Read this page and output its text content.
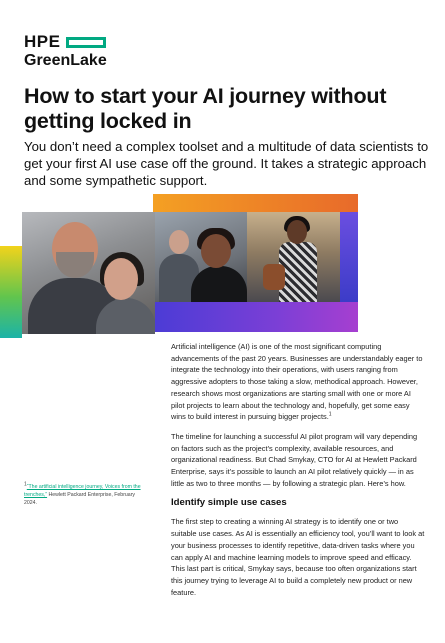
HPE
GreenLake
How to start your AI journey without getting locked in

You don’t need a complex toolset and a multitude of data scientists to get your first AI use case off the ground. It takes a strategic approach and some sympathetic support.

Artificial intelligence (AI) is one of the most significant computing advancements of the past 20 years. Businesses are understandably eager to integrate the technology into their operations, with users ranging from aggressive adopters to those taking a slow, methodical approach. However, research shows most organizations are starting small with one or more AI pilot projects to learn about the technology and, hopefully, get some easy wins to build interest in pursuing bigger projects.$^1$

The timeline for launching a successful AI pilot program will vary depending on factors such as the project’s complexity, available resources, and organizational readiness. But Chad Smykay, CTO for AI at Hewlett Packard Enterprise, says it’s possible to launch an AI pilot relatively quickly — in as little as two to three months — by following a strategic plan. Here’s how.

Identify simple use cases

The first step to creating a winning AI strategy is to identify one or two suitable use cases. As AI is essentially an efficiency tool, you’ll want to look at your business processes to identify repetitive, data-driven tasks where you can apply AI and machine learning models to improve speed and efficacy. This last part is critical, Smykay says, because too often organizations start this journey trying to leverage AI to build a completely new product or new feature.

1“The artificial intelligence journey, Voices from the trenches,” Hewlett Packard Enterprise, February 2024.
